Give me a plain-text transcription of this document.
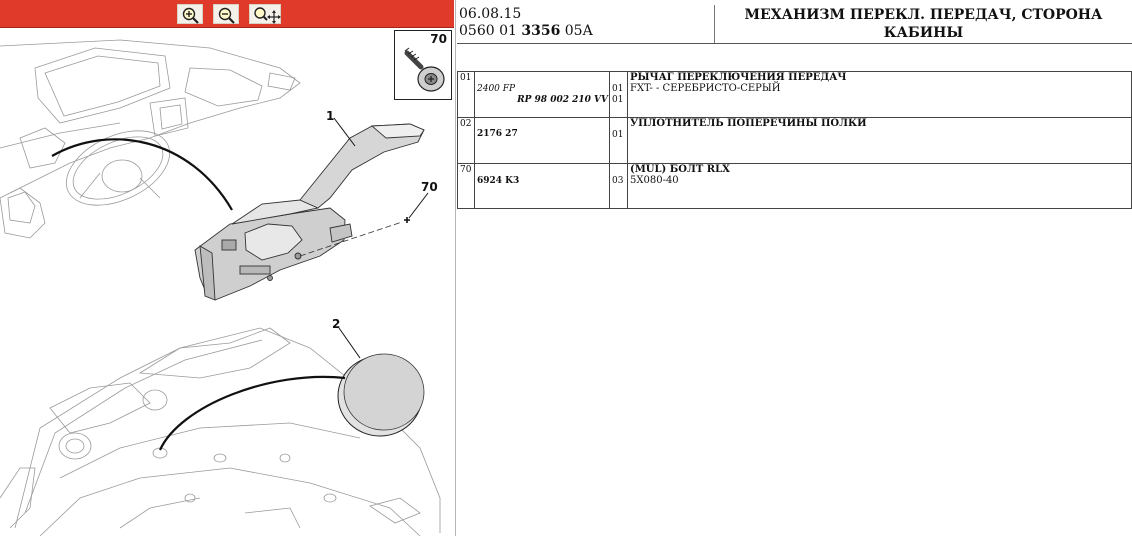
1
70
2
70
06.08.15
0560 01 3356 05A
МЕХАНИЗМ ПЕРЕКЛ. ПЕРЕДАЧ, СТОРОНА КАБИНЫ
01
2400 FP
RP 98 002 210 VV
01
01
РЫЧАГ ПЕРЕКЛЮЧЕНИЯ ПЕРЕДАЧ
FXT- - СЕРЕБРИСТО-СЕРЫЙ
02
2176 27	01
УПЛОТНИТЕЛЬ ПОПЕРЕЧИНЫ ПОЛКИ
70
6924 K3	03
(MUL) БОЛТ RLX
5X080-40
